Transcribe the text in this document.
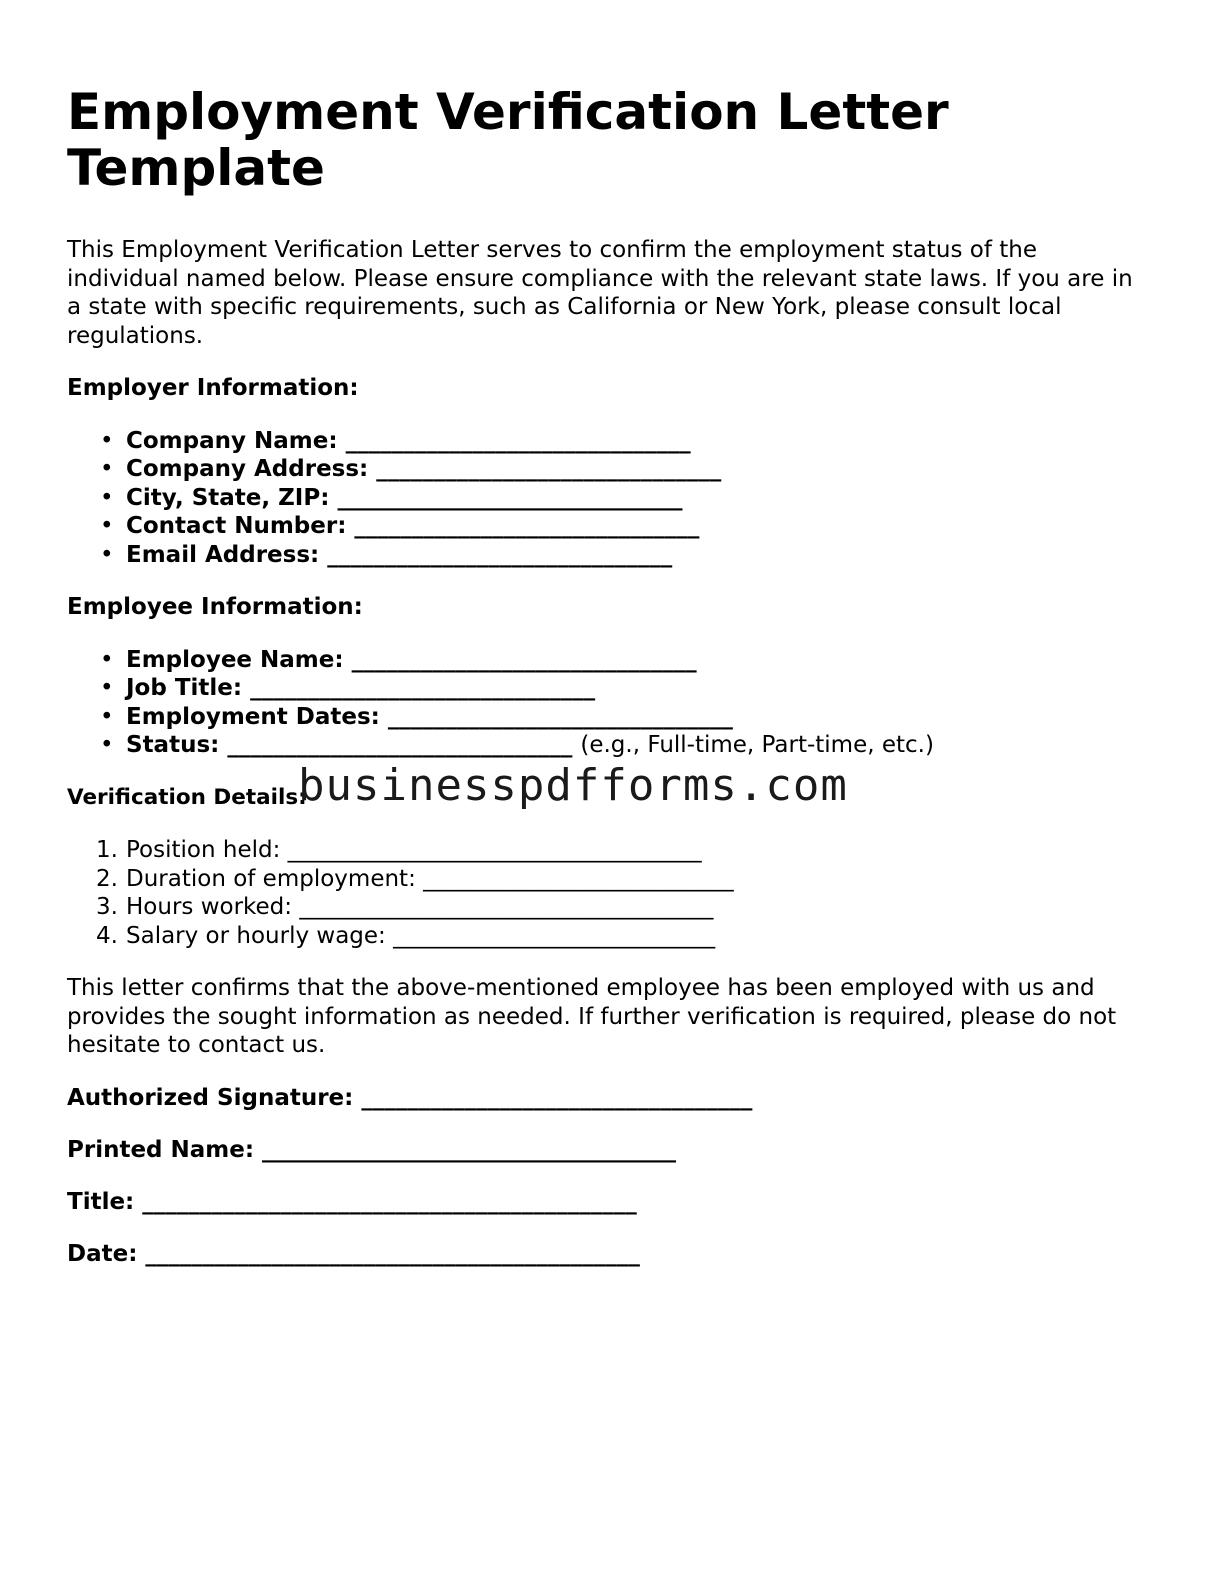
Employment Verification Letter Template

This Employment Verification Letter serves to confirm the employment status of the individual named below. Please ensure compliance with the relevant state laws. If you are in a state with specific requirements, such as California or New York, please consult local regulations.

Employer Information:

• Company Name: ______________________________
• Company Address: ______________________________
• City, State, ZIP: ______________________________
• Contact Number: ______________________________
• Email Address: ______________________________

Employee Information:

• Employee Name: ______________________________
• Job Title: ______________________________
• Employment Dates: ______________________________
• Status: ______________________________ (e.g., Full-time, Part-time, etc.)

Verification Details:

1. Position held: ____________________________________
2. Duration of employment: ___________________________
3. Hours worked: ____________________________________
4. Salary or hourly wage: ____________________________

This letter confirms that the above-mentioned employee has been employed with us and provides the sought information as needed. If further verification is required, please do not hesitate to contact us.

Authorized Signature: __________________________________

Printed Name: ____________________________________

Title: ___________________________________________

Date: ___________________________________________

businesspdfforms.com
